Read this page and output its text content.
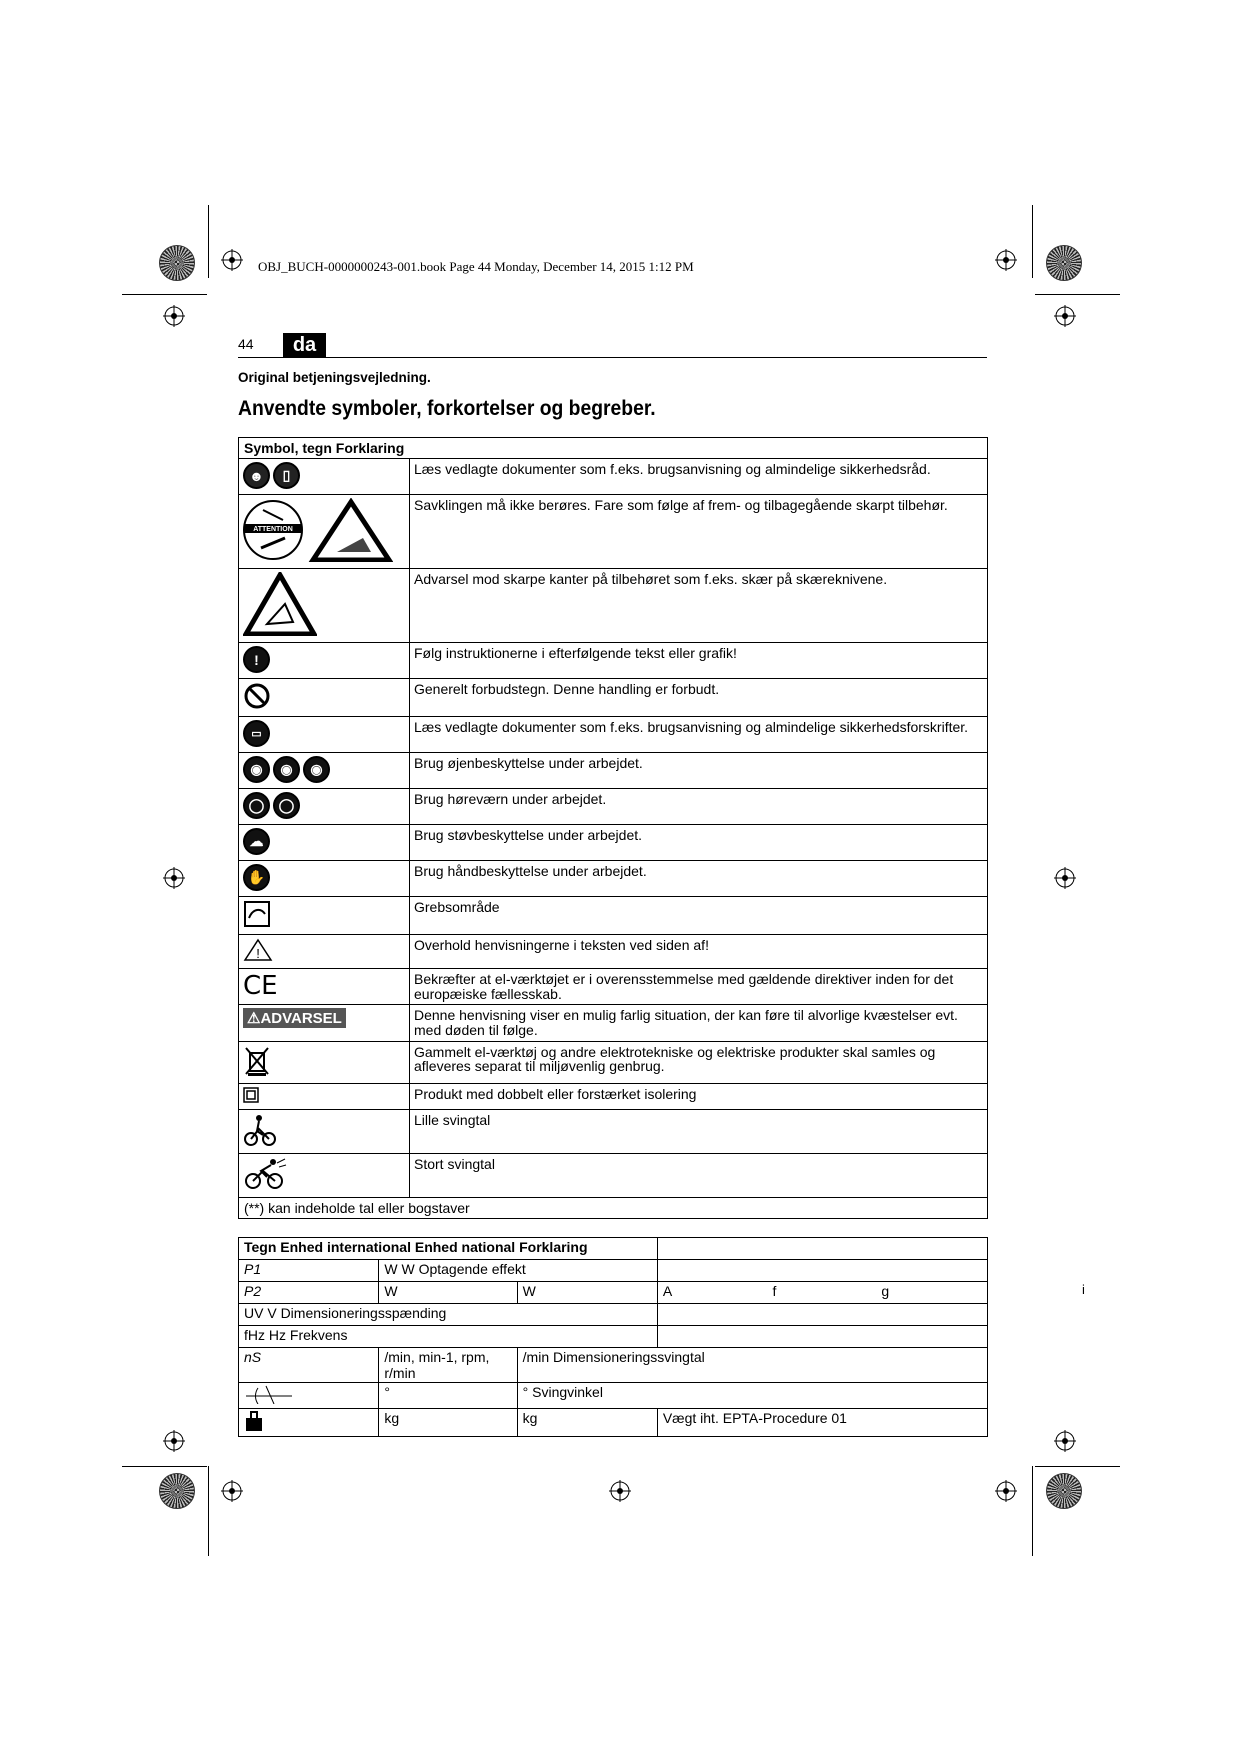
OBJ_BUCH-0000000243-001.book Page 44 Monday, December 14, 2015 1:12 PM
44	da
Original betjeningsvejledning.
Anvendte symboler, forkortelser og begreber.
Symbol, tegn Forklaring	
☻ ▯	Læs vedlagte dokumenter som f.eks. brugsanvisning og almindelige sikkerhedsråd.

ATTENTION	Savklingen må ikke berøres. Fare som følge af frem- og tilbagegående skarpt tilbehør.
	Advarsel mod skarpe kanter på tilbehøret som f.eks. skær på skæreknivene.
!	Følg instruktionerne i efterfølgende tekst eller grafik!
	Generelt forbudstegn. Denne handling er forbudt.
▭	Læs vedlagte dokumenter som f.eks. brugsanvisning og almindelige sikkerhedsforskrifter.
◉ ◉ ◉	Brug øjenbeskyttelse under arbejdet.
◯ ◯	Brug høreværn under arbejdet.
☁	Brug støvbeskyttelse under arbejdet.
✋	Brug håndbeskyttelse under arbejdet.
	Grebsområde

!	Overhold henvisningerne i teksten ved siden af!
CE	Bekræfter at el-værktøjet er i overensstemmelse med gældende direktiver inden for det europæiske fællesskab.
⚠ADVARSEL	Denne henvisning viser en mulig farlig situation, der kan føre til alvorlige kvæstelser evt. med døden til følge.
	Gammelt el-værktøj og andre elektrotekniske og elektriske produkter skal samles og afleveres separat til miljøvenlig genbrug.
	Produkt med dobbelt eller forstærket isolering
	Lille svingtal
	Stort svingtal
(**) kan indeholde tal eller bogstaver	
Tegn Enhed international Enhed national Forklaring			
P1	W W Optagende effekt		
P2	W	W	A                          f                           g
UV V Dimensioneringsspænding			
fHz Hz Frekvens			
nS	/min, min-1, rpm, r/min	/min Dimensioneringssvingtal	
	°	° Svingvinkel	
	kg	kg	Vægt iht. EPTA-Procedure 01
i
